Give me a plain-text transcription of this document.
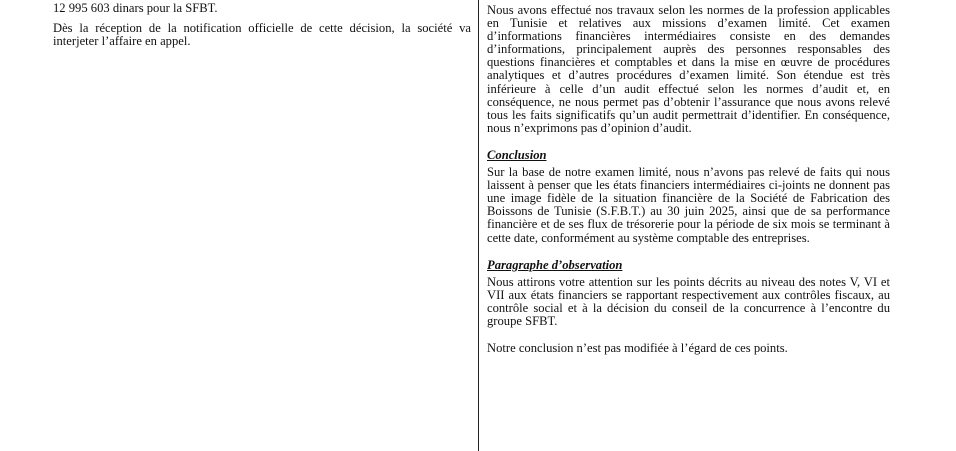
12 995 603 dinars pour la SFBT.

Dès la réception de la notification officielle de cette décision, la société va interjeter l’affaire en appel.

Nous avons effectué nos travaux selon les normes de la profession applicables en Tunisie et relatives aux missions d’examen limité. Cet examen d’informations financières intermédiaires consiste en des demandes d’informations, principalement auprès des personnes responsables des questions financières et comptables et dans la mise en œuvre de procédures analytiques et d’autres procédures d’examen limité. Son étendue est très inférieure à celle d’un audit effectué selon les normes d’audit et, en conséquence, ne nous permet pas d’obtenir l’assurance que nous avons relevé tous les faits significatifs qu’un audit permettrait d’identifier. En conséquence, nous n’exprimons pas d’opinion d’audit.

Conclusion

Sur la base de notre examen limité, nous n’avons pas relevé de faits qui nous laissent à penser que les états financiers intermédiaires ci-joints ne donnent pas une image fidèle de la situation financière de la Société de Fabrication des Boissons de Tunisie (S.F.B.T.) au 30 juin 2025, ainsi que de sa performance financière et de ses flux de trésorerie pour la période de six mois se terminant à cette date, conformément au système comptable des entreprises.

Paragraphe d’observation

Nous attirons votre attention sur les points décrits au niveau des notes V, VI et VII aux états financiers se rapportant respectivement aux contrôles fiscaux, au contrôle social et à la décision du conseil de la concurrence à l’encontre du groupe SFBT.

Notre conclusion n’est pas modifiée à l’égard de ces points.
